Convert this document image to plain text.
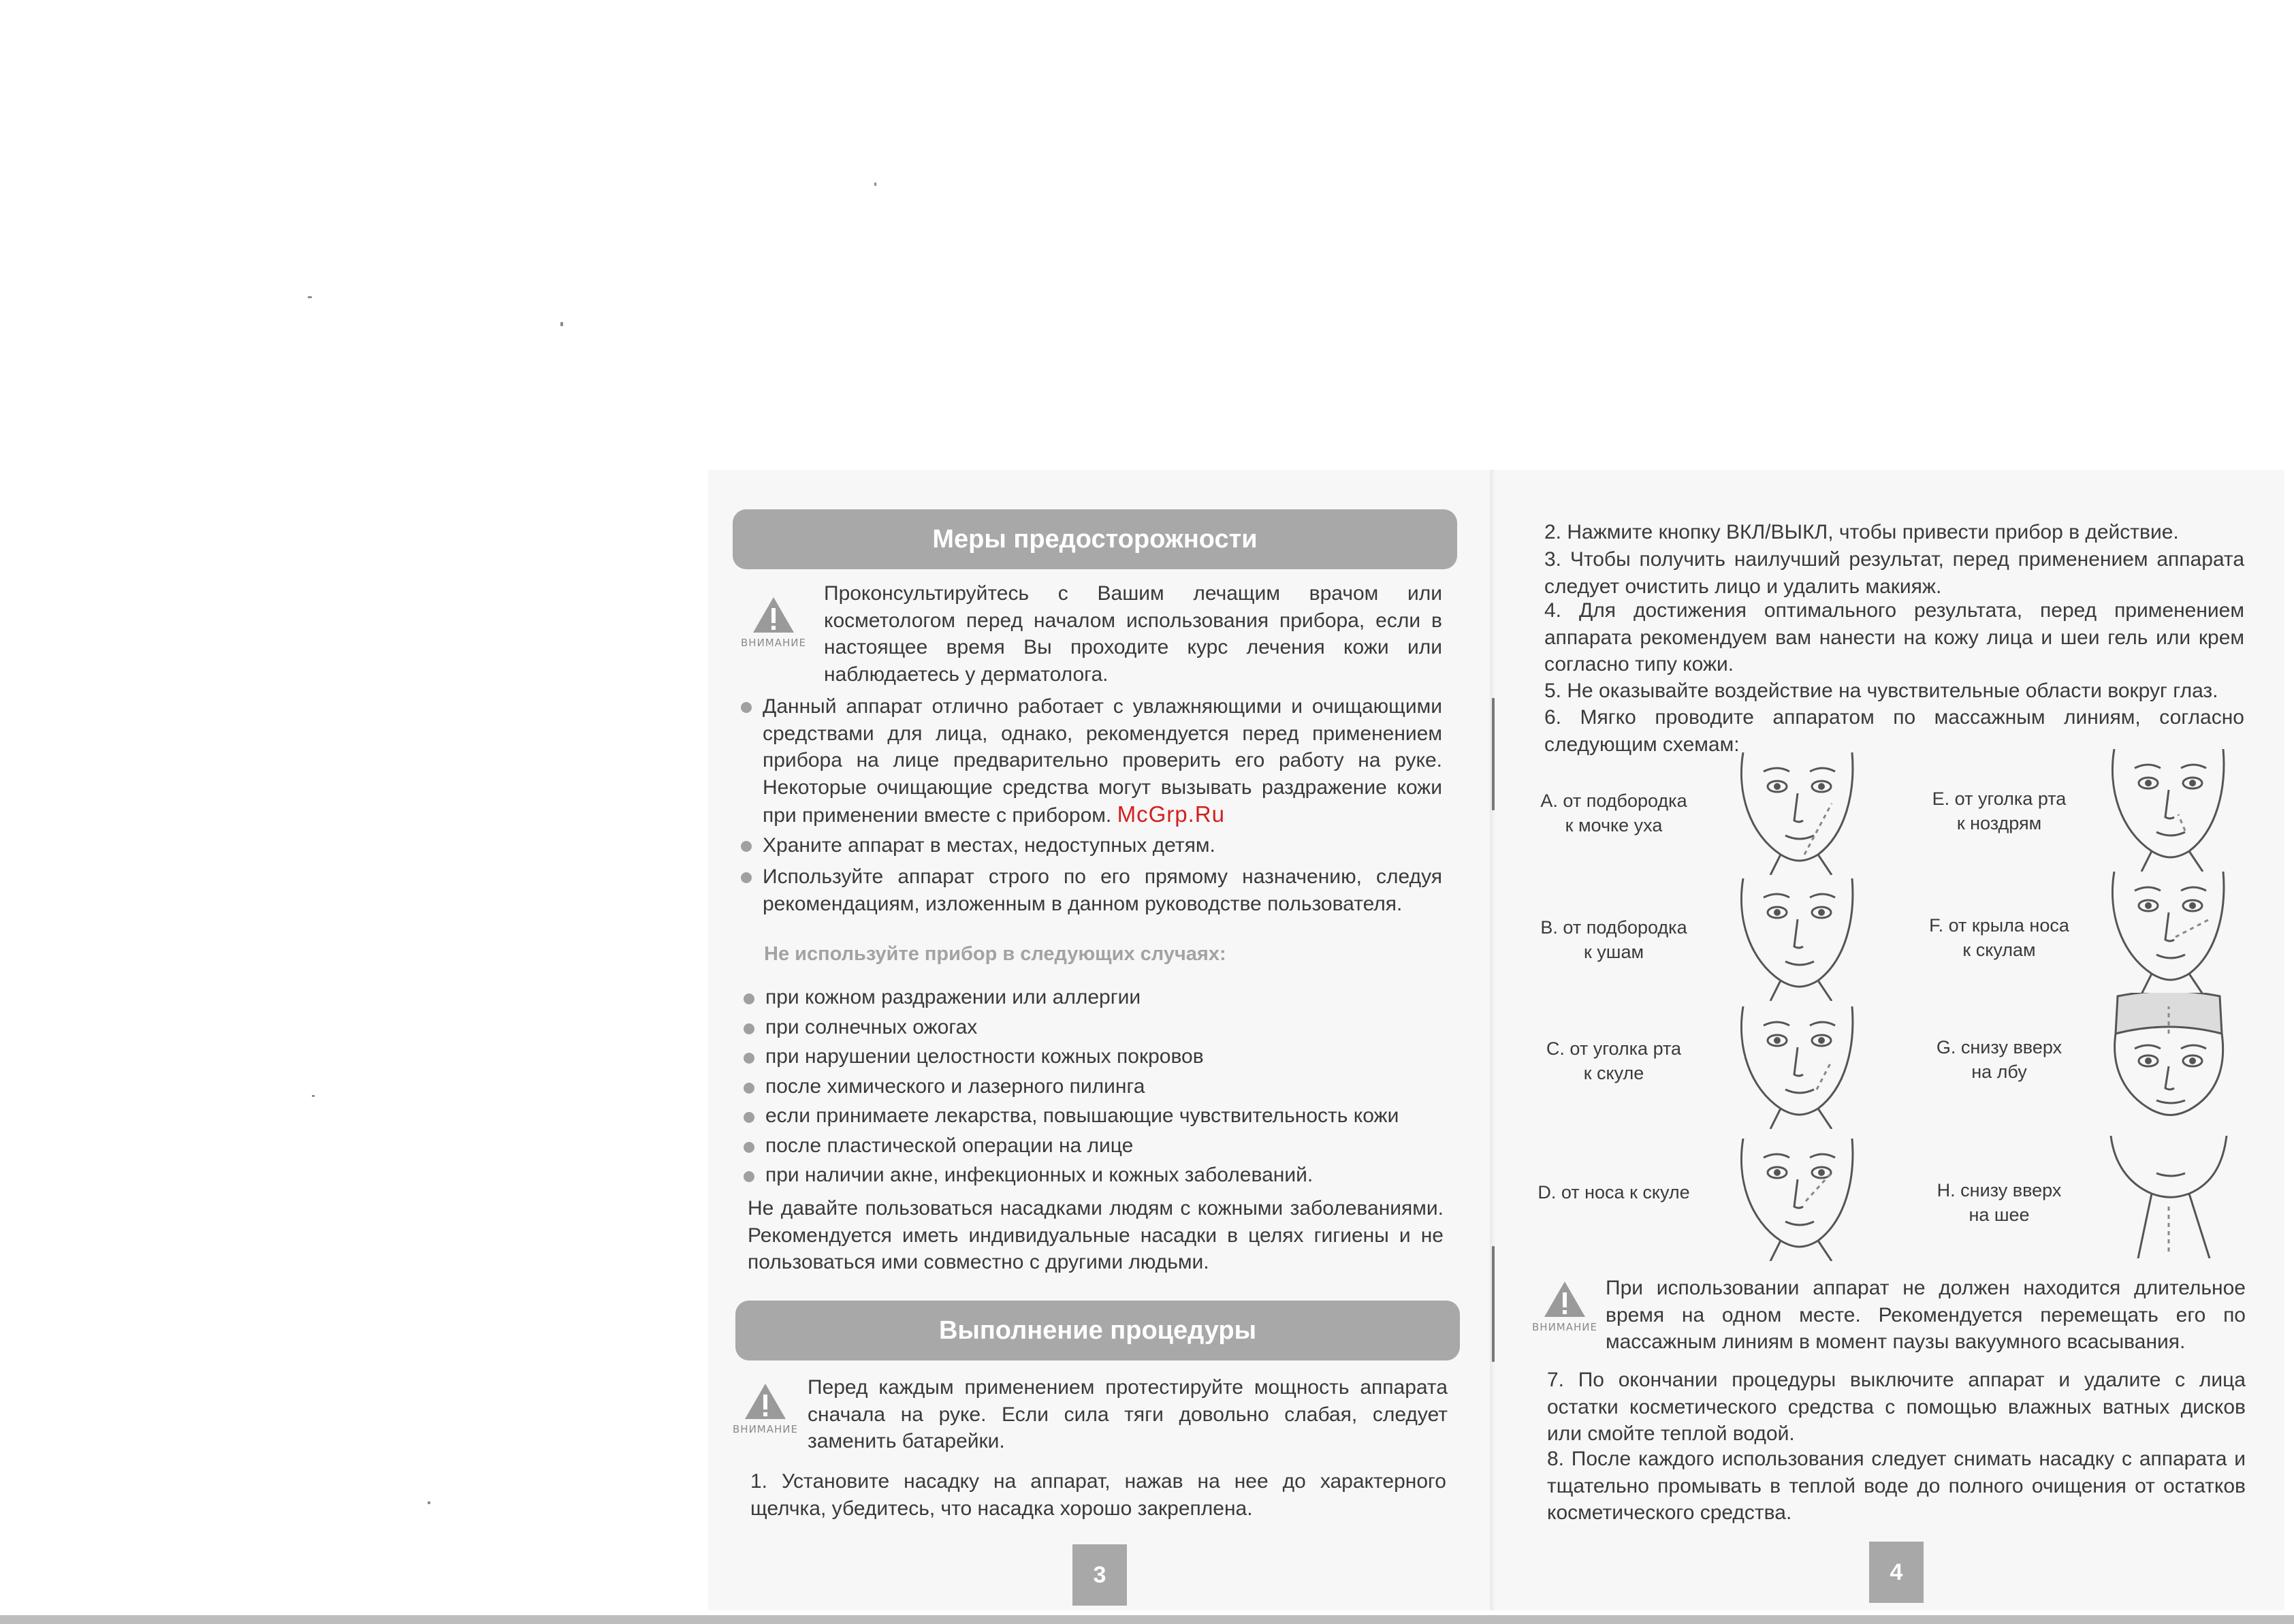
Меры предосторожности
ВНИМАНИЕ
Проконсультируйтесь с Вашим лечащим врачом или косметологом перед началом использования прибора, если в настоящее время Вы проходите курс лечения кожи или наблюдаетесь у дерматолога.
Данный аппарат отлично работает с увлажняющими и очищающими средствами для лица, однако, рекомендуется перед применением прибора на лице предварительно проверить его работу на руке. Некоторые очищающие средства могут вызывать раздражение кожи при применении вместе с прибором. McGrp.Ru
Храните аппарат в местах, недоступных детям.
Используйте аппарат строго по его прямому назначению, следуя рекомендациям, изложенным в данном руководстве пользователя.
Не используйте прибор в следующих случаях:
при кожном раздражении или аллергии
при солнечных ожогах
при нарушении целостности кожных покровов
после химического и лазерного пилинга
если принимаете лекарства, повышающие чувствительность кожи
после пластической операции на лице
при наличии акне, инфекционных и кожных заболеваний.
Не давайте пользоваться насадками людям с кожными заболеваниями. Рекомендуется иметь индивидуальные насадки в целях гигиены и не пользоваться ими совместно с другими людьми.
Выполнение процедуры
ВНИМАНИЕ
Перед каждым применением протестируйте мощность аппарата сначала на руке. Если сила тяги довольно слабая, следует заменить батарейки.
1. Установите насадку на аппарат, нажав на нее до характерного щелчка, убедитесь, что насадка хорошо закреплена.
3
2. Нажмите кнопку ВКЛ/ВЫКЛ, чтобы привести прибор в действие.
3. Чтобы получить наилучший результат, перед применением аппарата следует очистить лицо и удалить макияж.
4. Для достижения оптимального результата, перед применением аппарата рекомендуем вам нанести на кожу лица и шеи гель или крем согласно типу кожи.
5. Не оказывайте воздействие на чувствительные области вокруг глаз.
6. Мягко проводите аппаратом по массажным линиям, согласно следующим схемам:
А. от подбородка
к мочке уха
E. от уголка рта
к ноздрям
В. от подбородка
к ушам
F. от крыла носа
к скулам
С. от уголка рта
к скуле
G. снизу вверх
на лбу
D. от носа к скуле	Н. снизу вверх
на шее
ВНИМАНИЕ
При использовании аппарат не должен находится длительное время на одном месте. Рекомендуется перемещать его по массажным линиям в момент паузы вакуумного всасывания.
7. По окончании процедуры выключите аппарат и удалите с лица остатки косметического средства с помощью влажных ватных дисков или смойте теплой водой.
8. После каждого использования следует снимать насадку с аппарата и тщательно промывать в теплой воде до полного очищения от остатков косметического средства.
4
